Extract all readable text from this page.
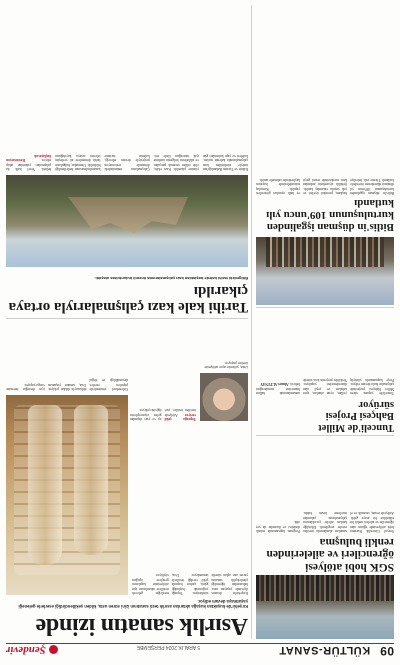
09 KÜLTÜR-SANAT
5 ARALIK 2024 PERŞEMBE
Şendevir
SGK hobi atölyesi öğrencileri ve ailelerinden renkli buluşma
Sosyal Güvenlik Kurumu hobi atölyesinde eğitim alan öğrenciler ve aileleri renkli bir etkinlikte bir araya geldi. Atölyede resim, seramik ve el sanatları alanlarında üretilen eserler sergilendi. Etkinliğe katılan aileler çocuklarının çalışmalarını yakından inceleme fırsatı buldu. Program kapsamında müzik dinletisi ve ikramlar da yer aldı.
Tunceli'de Millet Bahçesi Projesi sürüyor
Tunceli'de yapımı süren Millet Bahçesi projesinde çalışmalar hızla devam ediyor. Proje kapsamında yürüyüş yolları, oyun alanları, spor sahaları ve yeşil alan düzenlemeleri yapılıyor. Yetkililer projenin kısa sürede tamamlanarak halkın hizmetine sunulacağını belirtti. Ahmet ALTUNAY
Bitlis'in düşman işgalinden kurtuluşunun 109'uncu yılı kutlandı
Bitlis'in düşman işgalinden kurtuluşunun 109'uncu yıl dönümü düzenlenen törenlerle kutlandı. Törene vali, belediye başkanı, protokol üyeleri ve çok sayıda vatandaş katıldı. Şehitlik ziyaretinin ardından kent merkezinde resmi geçit ve halk oyunları gösterileri yapıldı. Kurtuluş mücadelesinde hayatını kaybedenler rahmetle anıldı.
Asırlık sanatın izinde
Kırşehir'de kuşaktan kuşağa aktarılan asırlık testi sanatının izini süren usta, kilden şekillendirdiği eserlerle geleneği yaşatmaya devam ediyor.
Kırşehir'in Avanos ilçesinde yaşayan usta, babasından öğrendiği çömlekçilik sanatını yarım asrı aşkın süredir sürdürüyor. Toprağı yoğurarak başladığı günü, çarkın başında şekil verdiği testilerle tamamlıyor. Usta, mesleğin gelecek nesillere aktarılması için atölyesinin kapılarını gençlere açtığını söylüyor.
Usta, yıllardır aynı atölyede üretim yapıyor.
Toprağa şekil veriyor Atölyede üretilen testiler, yurt içi ve yurt dışından gelen ziyaretçilerin ilgisini çekiyor.
Geleneksel yöntemlerle pişirilen eserler, dayanıklılığı ve doğal dokusuyla dikkat çekiyor. Usta, sanatın yaşaması için desteğin önemine vurgu yapıyor.
Tarihi kale kazı çalışmalarıyla ortaya çıkarıldı
Bölgedeki tarihi kalede başlatılan kazı çalışmalarında önemli buluntulara ulaşıldı.
Kültür ve Turizm Bakanlığı'nın izniyle sürdürülen kazı çalışmalarında kalenin surları, kuleleri ve yapı kalıntıları gün yüzüne çıkarıldı. Kazı ekibi, elde edilen seramik parçaları ve sikkelerin bölgenin tarihine ışık tutacağını ifade etti. Çalışmaların önümüzdeki dönemde restorasyon projesiyle devam edeceği, kalenin turizme kazandırılmasının hedeflendiği bildirildi. Uzmanlar, bulguların farklı dönemlere ait yerleşim izlerini ortaya koyduğunu belirtti. Yerel halk da çalışmaları yakından takip ediyor. Restorasyon başlayacak
